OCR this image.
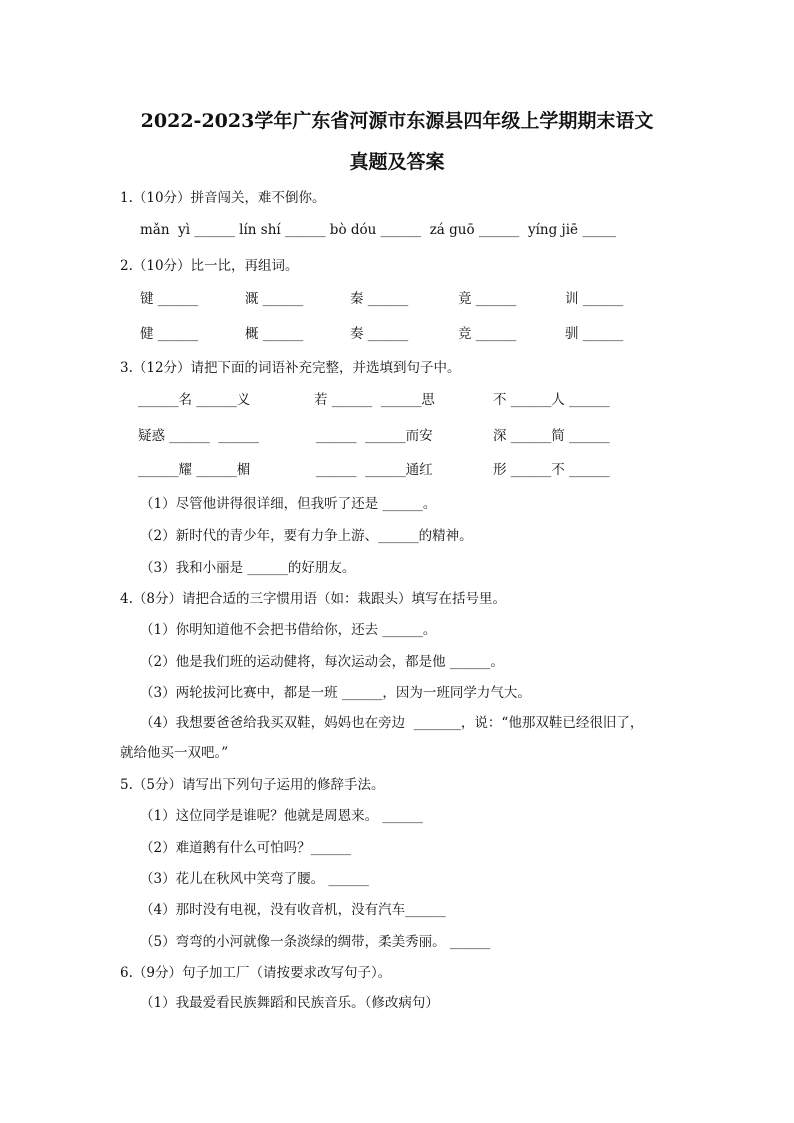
2022-2023学年广东省河源市东源县四年级上学期期末语文
真题及答案
1.（10分）拼音闯关，难不倒你。
mǎn  yì ______ lín shí ______ bò dóu ______  zá guō ______  yíng jiē _____
2.（10分）比一比，再组词。
键 ______	溉 ______	秦 ______	竟 ______	训 ______
健 ______	概 ______	奏 ______	竞 ______	驯 ______
3.（12分）请把下面的词语补充完整，并选填到句子中。
______名 ______义	若 ______  ______思	不 ______人 ______
疑惑 ______  ______	______  ______而安	深 ______简 ______
______耀 ______楣	______  ______通红	形 ______不 ______
（1）尽管他讲得很详细，但我听了还是 ______。
（2）新时代的青少年，要有力争上游、______的精神。
（3）我和小丽是 ______的好朋友。
4.（8分）请把合适的三字惯用语（如：栽跟头）填写在括号里。
（1）你明知道他不会把书借给你，还去 ______。
（2）他是我们班的运动健将，每次运动会，都是他 ______。
（3）两轮拔河比赛中，都是一班 ______，因为一班同学力气大。
（4）我想要爸爸给我买双鞋，妈妈也在旁边  _______，说：“他那双鞋已经很旧了，
就给他买一双吧。”
5.（5分）请写出下列句子运用的修辞手法。
（1）这位同学是谁呢？他就是周恩来。 ______
（2）难道鹅有什么可怕吗？______
（3）花儿在秋风中笑弯了腰。 ______
（4）那时没有电视，没有收音机，没有汽车______
（5）弯弯的小河就像一条淡绿的绸带，柔美秀丽。 ______
6.（9分）句子加工厂（请按要求改写句子）。
（1）我最爱看民族舞蹈和民族音乐。（修改病句）
